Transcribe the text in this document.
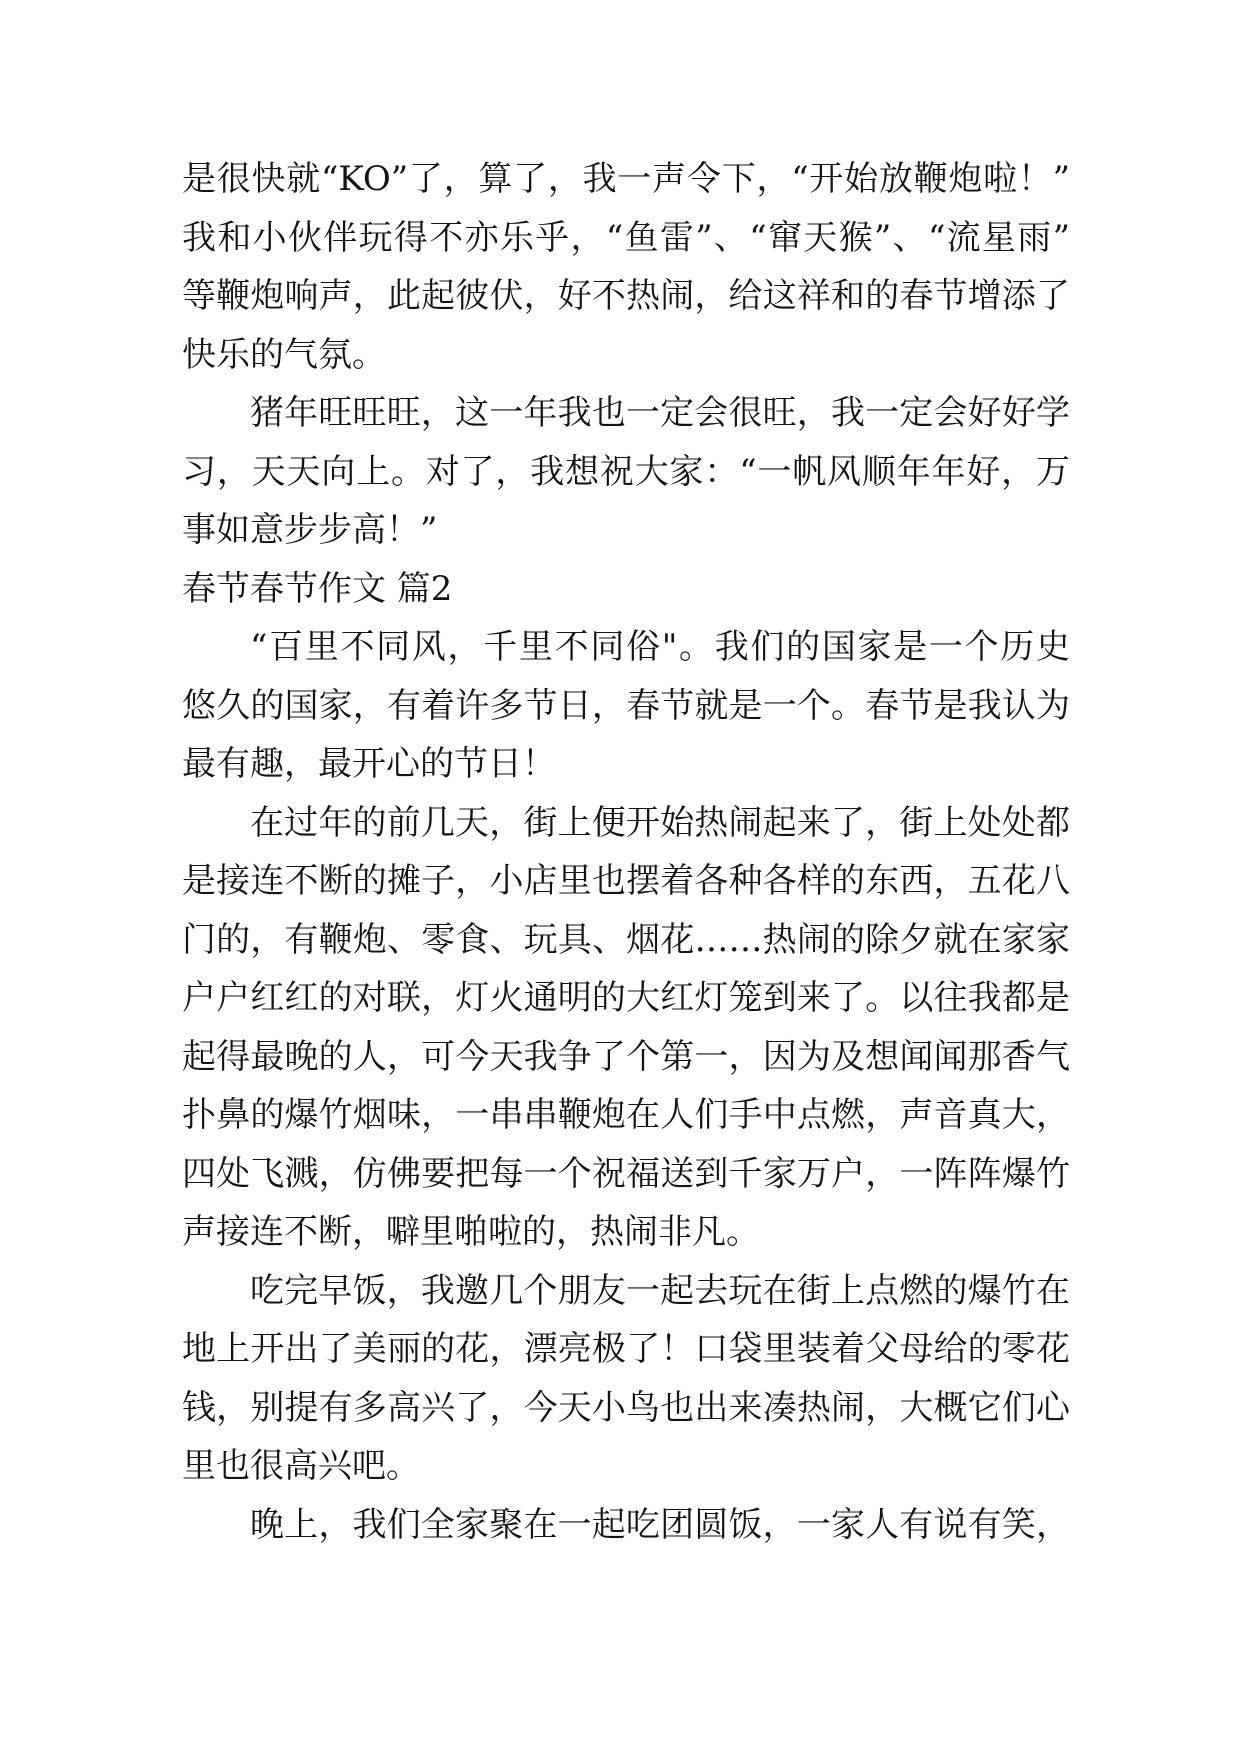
是很快就“KO”了，算了，我一声令下，“开始放鞭炮啦！”
我和小伙伴玩得不亦乐乎，“鱼雷”、“窜天猴”、“流星雨”
等鞭炮响声，此起彼伏，好不热闹，给这祥和的春节增添了
快乐的气氛。
猪年旺旺旺，这一年我也一定会很旺，我一定会好好学
习，天天向上。对了，我想祝大家：“一帆风顺年年好，万
事如意步步高！”
春节春节作文 篇2
“百里不同风，千里不同俗"。我们的国家是一个历史
悠久的国家，有着许多节日，春节就是一个。春节是我认为
最有趣，最开心的节日！
在过年的前几天，街上便开始热闹起来了，街上处处都
是接连不断的摊子，小店里也摆着各种各样的东西，五花八
门的，有鞭炮、零食、玩具、烟花……热闹的除夕就在家家
户户红红的对联，灯火通明的大红灯笼到来了。以往我都是
起得最晚的人，可今天我争了个第一，因为及想闻闻那香气
扑鼻的爆竹烟味，一串串鞭炮在人们手中点燃，声音真大，
四处飞溅，仿佛要把每一个祝福送到千家万户，一阵阵爆竹
声接连不断，噼里啪啦的，热闹非凡。
吃完早饭，我邀几个朋友一起去玩在街上点燃的爆竹在
地上开出了美丽的花，漂亮极了！口袋里装着父母给的零花
钱，别提有多高兴了，今天小鸟也出来凑热闹，大概它们心
里也很高兴吧。
晚上，我们全家聚在一起吃团圆饭，一家人有说有笑，
